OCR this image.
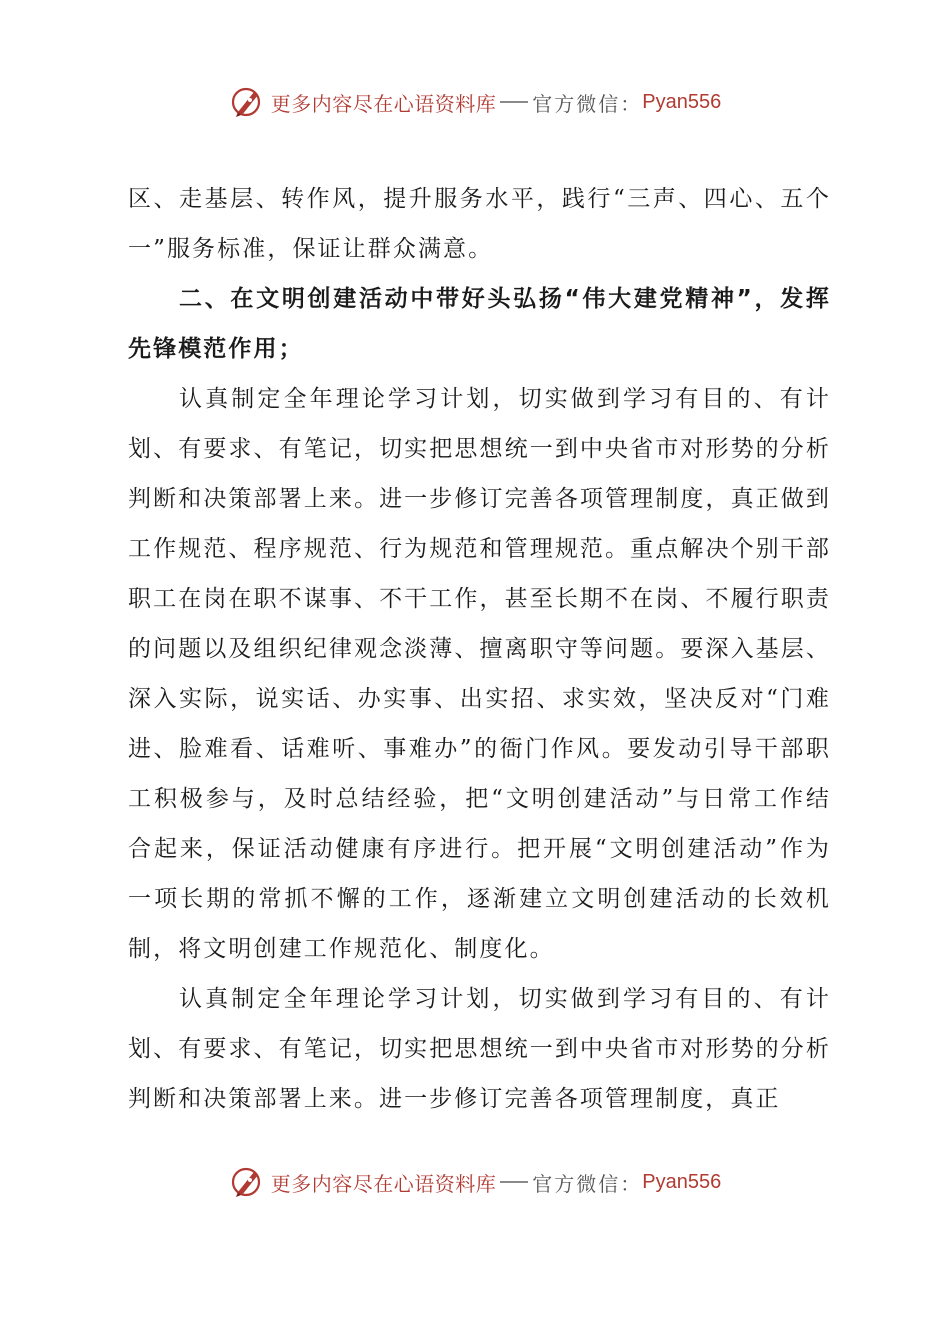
更多内容尽在心语资料库 官方微信： Pyan556

区、走基层、转作风，提升服务水平，践行“三声、四心、五个一”服务标准，保证让群众满意。

二、在文明创建活动中带好头弘扬“伟大建党精神”，发挥先锋模范作用；

认真制定全年理论学习计划，切实做到学习有目的、有计划、有要求、有笔记，切实把思想统一到中央省市对形势的分析判断和决策部署上来。进一步修订完善各项管理制度，真正做到工作规范、程序规范、行为规范和管理规范。重点解决个别干部职工在岗在职不谋事、不干工作，甚至长期不在岗、不履行职责的问题以及组织纪律观念淡薄、擅离职守等问题。要深入基层、深入实际，说实话、办实事、出实招、求实效，坚决反对“门难进、脸难看、话难听、事难办”的衙门作风。要发动引导干部职工积极参与，及时总结经验，把“文明创建活动”与日常工作结合起来，保证活动健康有序进行。把开展“文明创建活动”作为一项长期的常抓不懈的工作，逐渐建立文明创建活动的长效机制，将文明创建工作规范化、制度化。

认真制定全年理论学习计划，切实做到学习有目的、有计划、有要求、有笔记，切实把思想统一到中央省市对形势的分析判断和决策部署上来。进一步修订完善各项管理制度，真正

更多内容尽在心语资料库 官方微信： Pyan556
